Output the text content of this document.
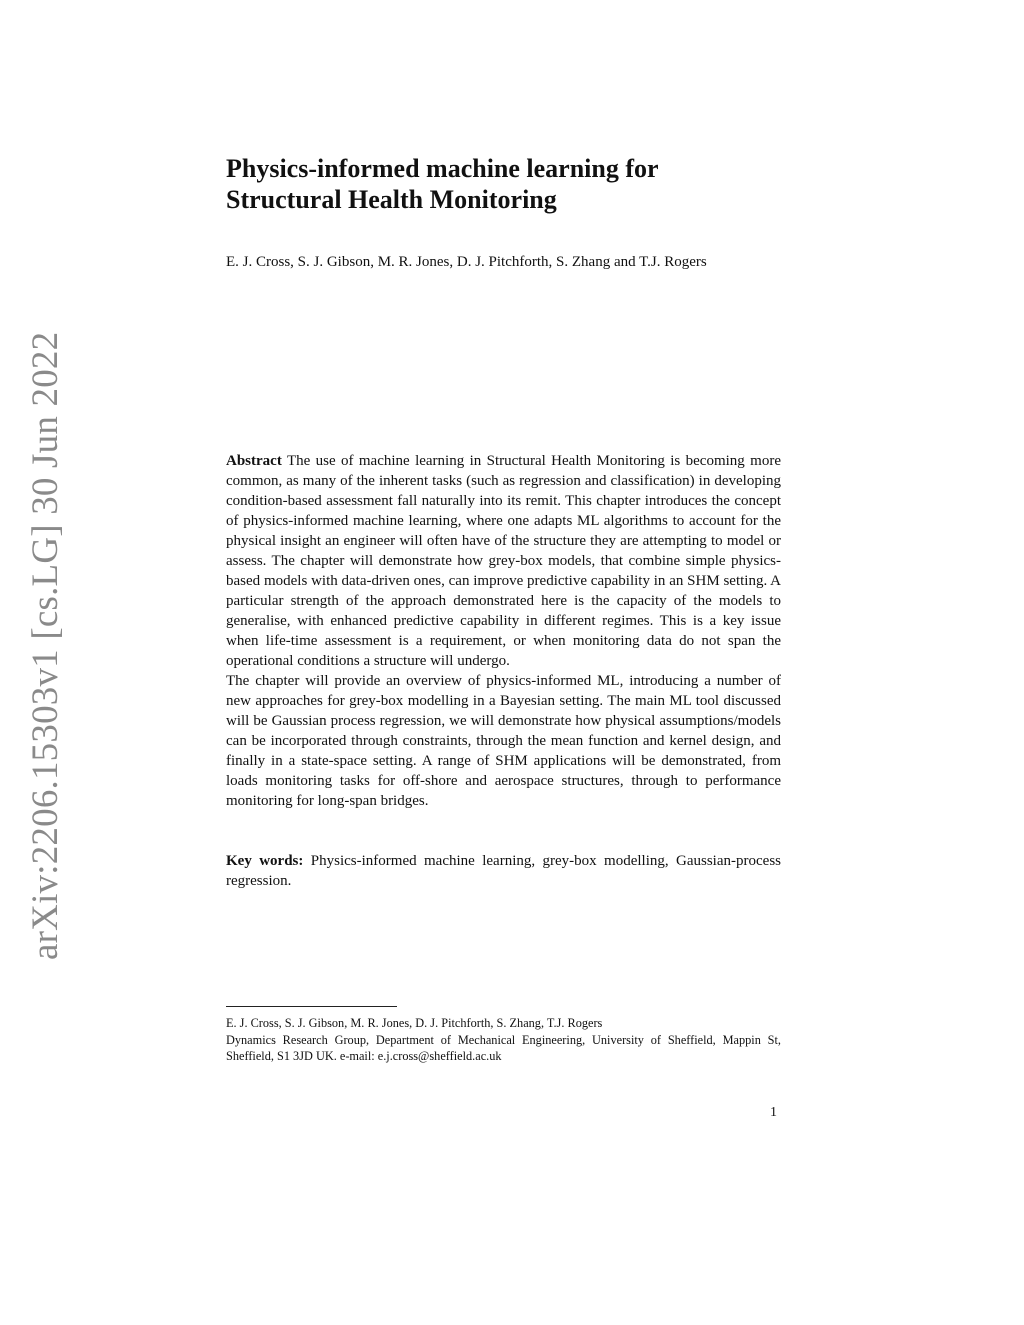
arXiv:2206.15303v1 [cs.LG] 30 Jun 2022
Physics-informed machine learning for
Structural Health Monitoring
E. J. Cross, S. J. Gibson, M. R. Jones, D. J. Pitchforth, S. Zhang and T.J. Rogers

Abstract The use of machine learning in Structural Health Monitoring is becoming more common, as many of the inherent tasks (such as regression and classification) in developing condition-based assessment fall naturally into its remit. This chapter introduces the concept of physics-informed machine learning, where one adapts ML algorithms to account for the physical insight an engineer will often have of the structure they are attempting to model or assess. The chapter will demonstrate how grey-box models, that combine simple physics-based models with data-driven ones, can improve predictive capability in an SHM setting. A particular strength of the approach demonstrated here is the capacity of the models to generalise, with enhanced predictive capability in different regimes. This is a key issue when life-time assessment is a requirement, or when monitoring data do not span the operational conditions a structure will undergo.

The chapter will provide an overview of physics-informed ML, introducing a number of new approaches for grey-box modelling in a Bayesian setting. The main ML tool discussed will be Gaussian process regression, we will demonstrate how physical assumptions/models can be incorporated through constraints, through the mean function and kernel design, and finally in a state-space setting. A range of SHM applications will be demonstrated, from loads monitoring tasks for off-shore and aerospace structures, through to performance monitoring for long-span bridges.

Key words: Physics-informed machine learning, grey-box modelling, Gaussian-process regression.
E. J. Cross, S. J. Gibson, M. R. Jones, D. J. Pitchforth, S. Zhang, T.J. Rogers
Dynamics Research Group, Department of Mechanical Engineering, University of Sheffield, Mappin St, Sheffield, S1 3JD UK. e-mail: e.j.cross@sheffield.ac.uk
1
